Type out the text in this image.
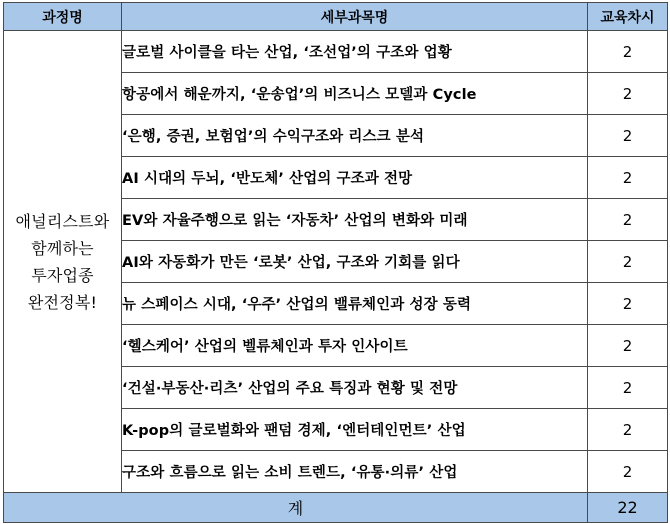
과정명	세부과목명	교육차시

애널리스트와
함께하는
투자업종
완전정복!	글로벌 사이클을 타는 산업, ‘조선업’의 구조와 업황	2
	항공에서 해운까지, ‘운송업’의 비즈니스 모델과 Cycle	2
	‘은행, 증권, 보험업’의 수익구조와 리스크 분석	2
	AI 시대의 두뇌, ‘반도체’ 산업의 구조과 전망	2
	EV와 자율주행으로 읽는 ‘자동차’ 산업의 변화와 미래	2
	AI와 자동화가 만든 ‘로봇’ 산업, 구조와 기회를 읽다	2
	뉴 스페이스 시대, ‘우주’ 산업의 밸류체인과 성장 동력	2
	‘헬스케어’ 산업의 벨류체인과 투자 인사이트	2
	‘건설·부동산·리츠’ 산업의 주요 특징과 현황 및 전망	2
	K-pop의 글로벌화와 팬덤 경제, ‘엔터테인먼트’ 산업	2
	구조와 흐름으로 읽는 소비 트렌드, ‘유통·의류’ 산업	2
계		22
